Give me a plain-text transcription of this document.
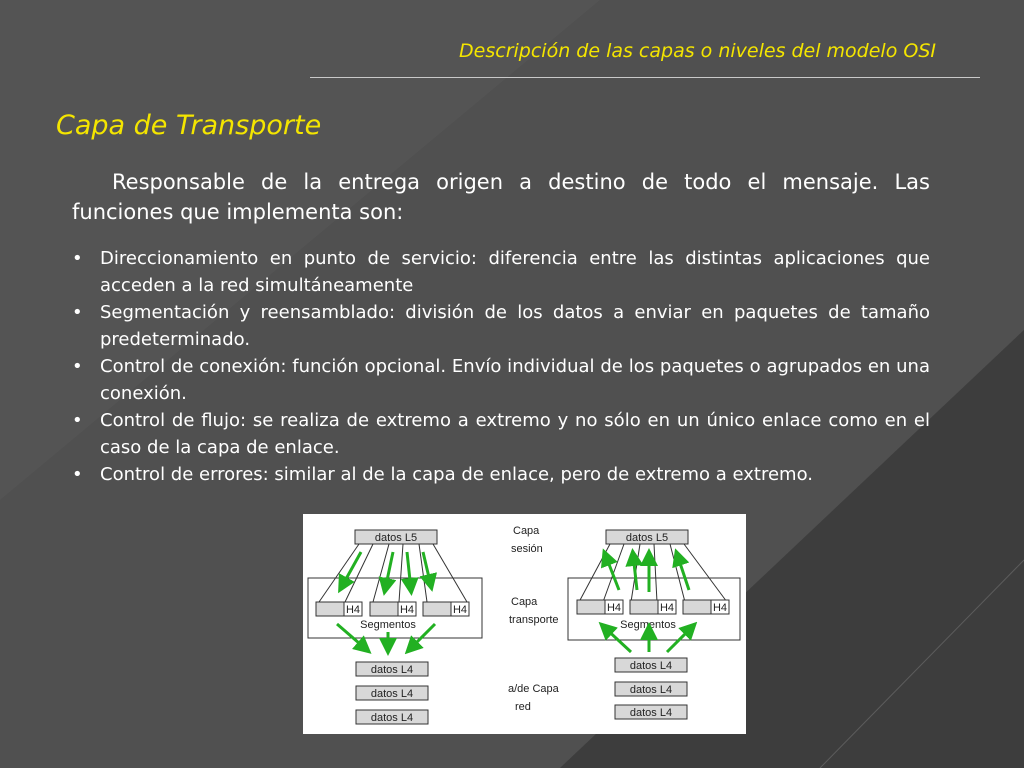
Descripción de las capas o niveles del modelo OSI
Capa de Transporte
Responsable de la entrega origen a destino de todo el mensaje. Las funciones que implementa son:
• Direccionamiento en punto de servicio: diferencia entre las distintas aplicaciones que acceden a la red simultáneamente
• Segmentación y reensamblado: división de los datos a enviar en paquetes de tamaño predeterminado.
• Control de conexión: función opcional. Envío individual de los paquetes o agrupados en una conexión.
• Control de flujo: se realiza de extremo a extremo y no sólo en un único enlace como en el caso de la capa de enlace.
• Control de errores: similar al de la capa de enlace, pero de extremo a extremo.
datos L5
H4	H4	H4
Segmentos
datos L4
datos L4
datos L4
Capa
sesión
Capa
transporte
a/de Capa
red
datos L5
H4	H4	H4
Segmentos
datos L4
datos L4
datos L4
